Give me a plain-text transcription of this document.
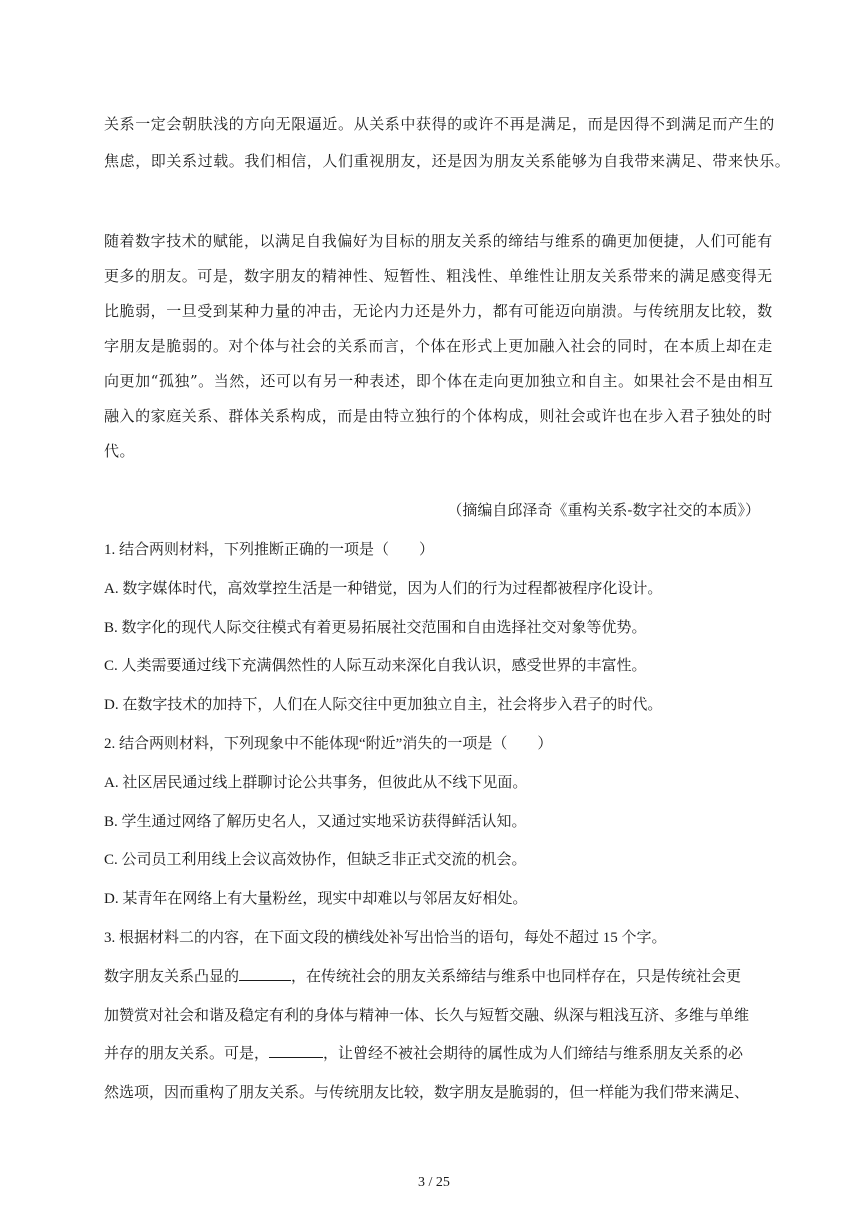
关系一定会朝肤浅的方向无限逼近。从关系中获得的或许不再是满足，而是因得不到满足而产生的
焦虑，即关系过载。我们相信，人们重视朋友，还是因为朋友关系能够为自我带来满足、带来快乐。
随着数字技术的赋能，以满足自我偏好为目标的朋友关系的缔结与维系的确更加便捷，人们可能有
更多的朋友。可是，数字朋友的精神性、短暂性、粗浅性、单维性让朋友关系带来的满足感变得无
比脆弱，一旦受到某种力量的冲击，无论内力还是外力，都有可能迈向崩溃。与传统朋友比较，数
字朋友是脆弱的。对个体与社会的关系而言，个体在形式上更加融入社会的同时，在本质上却在走
向更加“孤独”。当然，还可以有另一种表述，即个体在走向更加独立和自主。如果社会不是由相互
融入的家庭关系、群体关系构成，而是由特立独行的个体构成，则社会或许也在步入君子独处的时
代。
（摘编自邱泽奇《重构关系-数字社交的本质》）
1. 结合两则材料，下列推断正确的一项是（　　）
A. 数字媒体时代，高效掌控生活是一种错觉，因为人们的行为过程都被程序化设计。
B. 数字化的现代人际交往模式有着更易拓展社交范围和自由选择社交对象等优势。
C. 人类需要通过线下充满偶然性的人际互动来深化自我认识，感受世界的丰富性。
D. 在数字技术的加持下，人们在人际交往中更加独立自主，社会将步入君子的时代。
2. 结合两则材料，下列现象中不能体现“附近”消失的一项是（　　）
A. 社区居民通过线上群聊讨论公共事务，但彼此从不线下见面。
B. 学生通过网络了解历史名人，又通过实地采访获得鲜活认知。
C. 公司员工利用线上会议高效协作，但缺乏非正式交流的机会。
D. 某青年在网络上有大量粉丝，现实中却难以与邻居友好相处。
3. 根据材料二的内容，在下面文段的横线处补写出恰当的语句，每处不超过 15 个字。
数字朋友关系凸显的	，在传统社会的朋友关系缔结与维系中也同样存在，只是传统社会更
加赞赏对社会和谐及稳定有利的身体与精神一体、长久与短暂交融、纵深与粗浅互济、多维与单维
并存的朋友关系。可是，	，让曾经不被社会期待的属性成为人们缔结与维系朋友关系的必
然选项，因而重构了朋友关系。与传统朋友比较，数字朋友是脆弱的，但一样能为我们带来满足、
3 / 25
